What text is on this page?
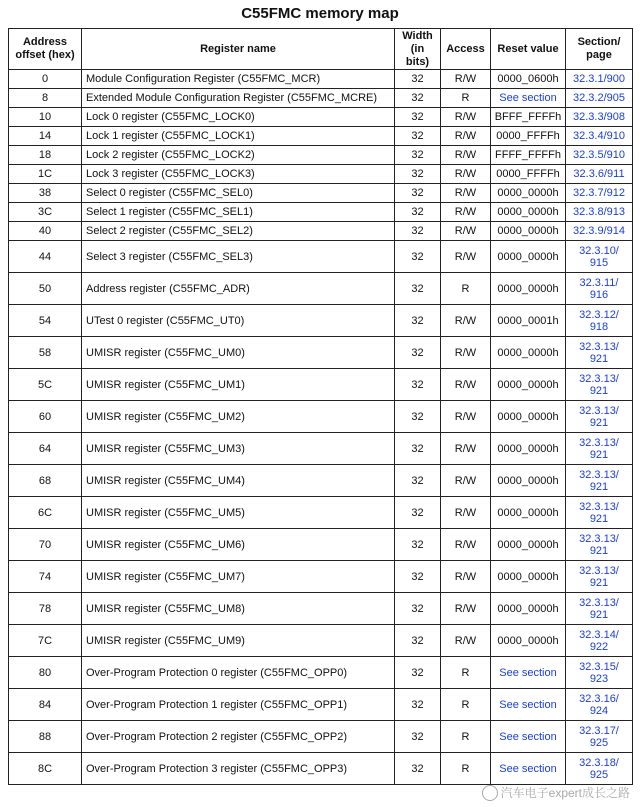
C55FMC memory map
Address offset (hex)	Register name	Width (in bits)	Access	Reset value	Section/ page
0	Module Configuration Register (C55FMC_MCR)	32	R/W	0000_0600h	32.3.1/900
8	Extended Module Configuration Register (C55FMC_MCRE)	32	R	See section	32.3.2/905
10	Lock 0 register (C55FMC_LOCK0)	32	R/W	BFFF_FFFFh	32.3.3/908
14	Lock 1 register (C55FMC_LOCK1)	32	R/W	0000_FFFFh	32.3.4/910
18	Lock 2 register (C55FMC_LOCK2)	32	R/W	FFFF_FFFFh	32.3.5/910
1C	Lock 3 register (C55FMC_LOCK3)	32	R/W	0000_FFFFh	32.3.6/911
38	Select 0 register (C55FMC_SEL0)	32	R/W	0000_0000h	32.3.7/912
3C	Select 1 register (C55FMC_SEL1)	32	R/W	0000_0000h	32.3.8/913
40	Select 2 register (C55FMC_SEL2)	32	R/W	0000_0000h	32.3.9/914
44	Select 3 register (C55FMC_SEL3)	32	R/W	0000_0000h	32.3.10/ 915
50	Address register (C55FMC_ADR)	32	R	0000_0000h	32.3.11/ 916
54	UTest 0 register (C55FMC_UT0)	32	R/W	0000_0001h	32.3.12/ 918
58	UMISR register (C55FMC_UM0)	32	R/W	0000_0000h	32.3.13/ 921
5C	UMISR register (C55FMC_UM1)	32	R/W	0000_0000h	32.3.13/ 921
60	UMISR register (C55FMC_UM2)	32	R/W	0000_0000h	32.3.13/ 921
64	UMISR register (C55FMC_UM3)	32	R/W	0000_0000h	32.3.13/ 921
68	UMISR register (C55FMC_UM4)	32	R/W	0000_0000h	32.3.13/ 921
6C	UMISR register (C55FMC_UM5)	32	R/W	0000_0000h	32.3.13/ 921
70	UMISR register (C55FMC_UM6)	32	R/W	0000_0000h	32.3.13/ 921
74	UMISR register (C55FMC_UM7)	32	R/W	0000_0000h	32.3.13/ 921
78	UMISR register (C55FMC_UM8)	32	R/W	0000_0000h	32.3.13/ 921
7C	UMISR register (C55FMC_UM9)	32	R/W	0000_0000h	32.3.14/ 922
80	Over-Program Protection 0 register (C55FMC_OPP0)	32	R	See section	32.3.15/ 923
84	Over-Program Protection 1 register (C55FMC_OPP1)	32	R	See section	32.3.16/ 924
88	Over-Program Protection 2 register (C55FMC_OPP2)	32	R	See section	32.3.17/ 925
8C	Over-Program Protection 3 register (C55FMC_OPP3)	32	R	See section	32.3.18/ 925
汽车电子expert成长之路
